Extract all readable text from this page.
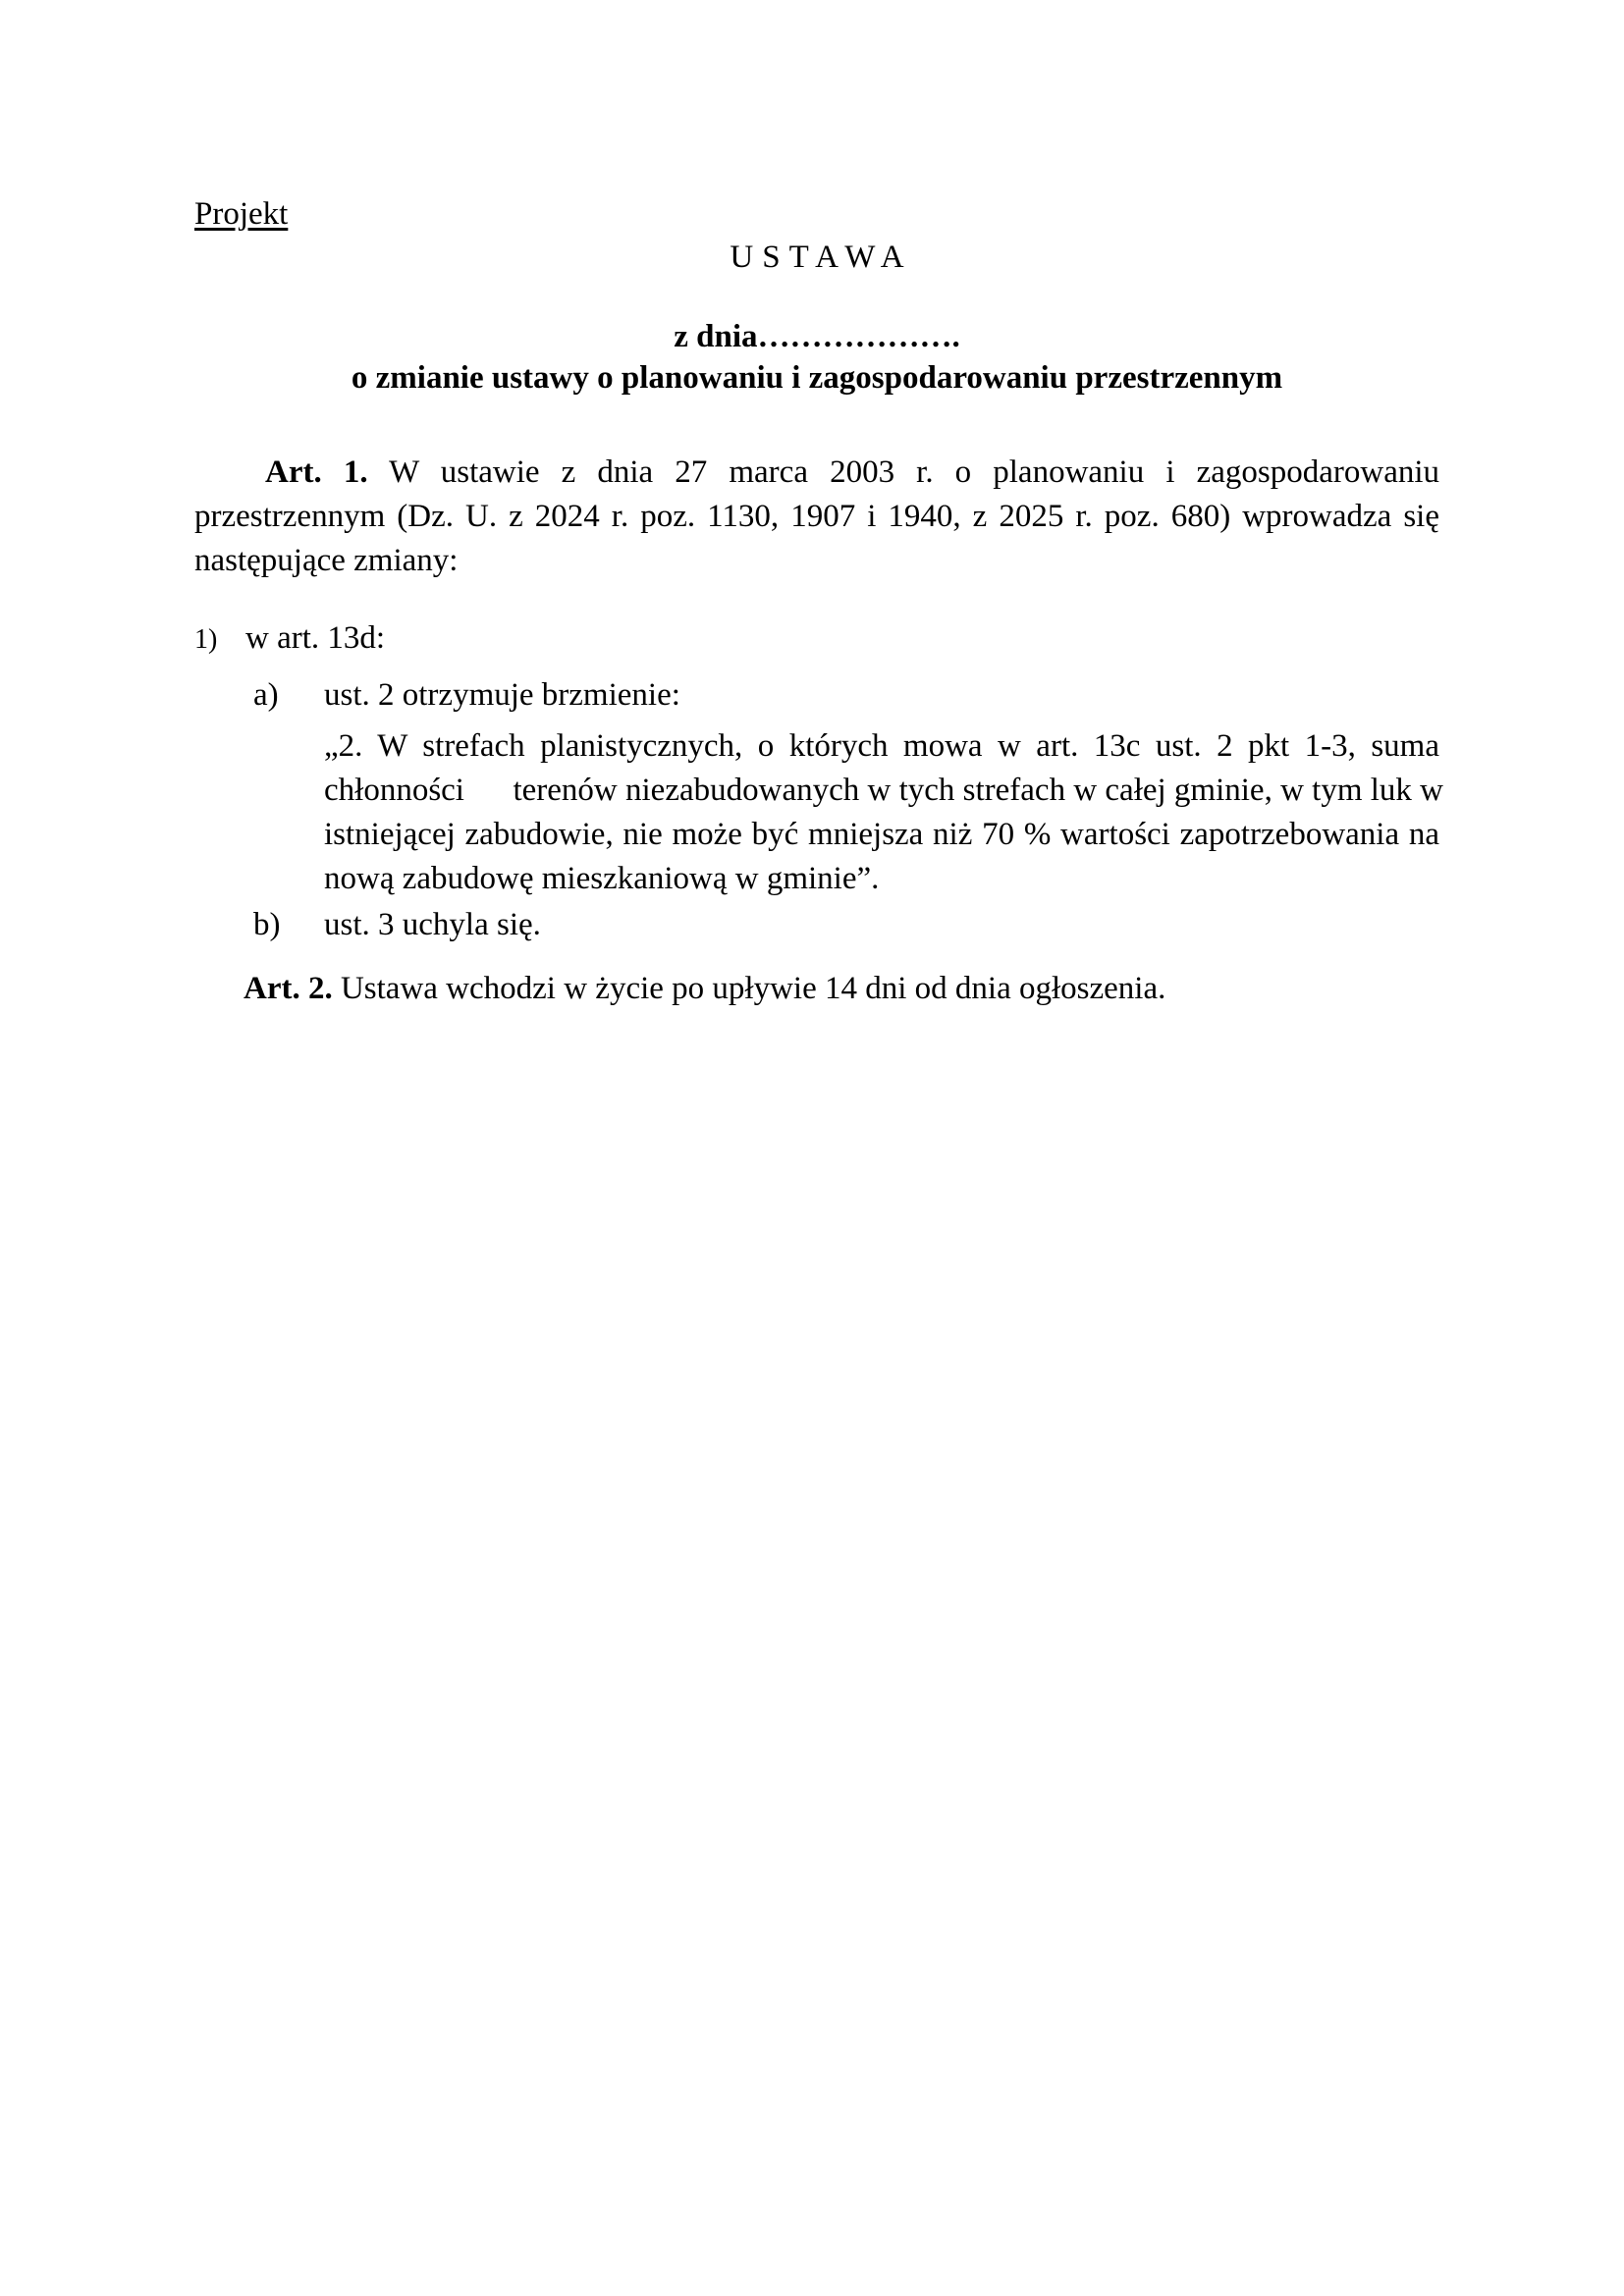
Projekt
USTAWA
z dnia……………….
o zmianie ustawy o planowaniu i zagospodarowaniu przestrzennym
Art. 1. W ustawie z dnia 27 marca 2003 r. o planowaniu i zagospodarowaniu
przestrzennym (Dz. U. z 2024 r. poz. 1130, 1907 i 1940, z 2025 r. poz. 680) wprowadza się
następujące zmiany:
1) w art. 13d:
a) ust. 2 otrzymuje brzmienie:
„2. W strefach planistycznych, o których mowa w art. 13c ust. 2 pkt 1-3, suma
chłonności      terenów niezabudowanych w tych strefach w całej gminie, w tym luk w
istniejącej zabudowie, nie może być mniejsza niż 70 % wartości zapotrzebowania na
nową zabudowę mieszkaniową w gminie”.
b) ust. 3 uchyla się.
Art. 2. Ustawa wchodzi w życie po upływie 14 dni od dnia ogłoszenia.
